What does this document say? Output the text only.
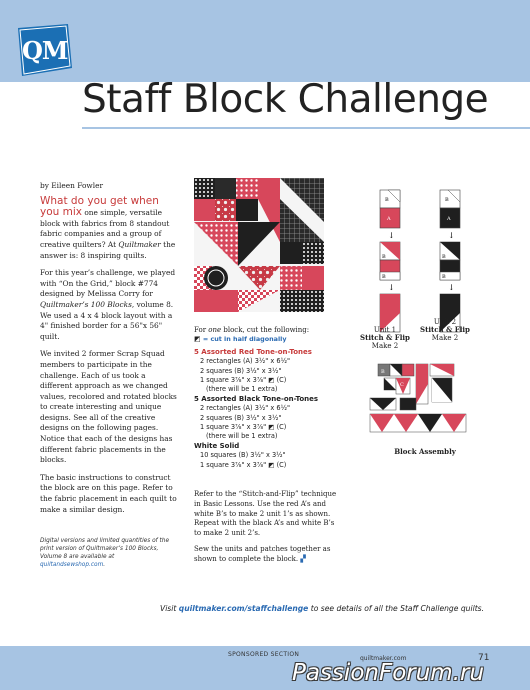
QM
Staff Block Challenge
by Eileen Fowler

What do you get when you mix one simple, versatile block with fabrics from 8 standout fabric companies and a group of creative quilters? At Quiltmaker the answer is: 8 inspiring quilts.

For this year’s challenge, we played with “On the Grid,” block #774 designed by Melissa Corry for Quiltmaker’s 100 Blocks, volume 8. We used a 4 x 4 block layout with a 4" finished border for a 56"x 56" quilt.

We invited 2 former Scrap Squad members to participate in the challenge. Each of us took a different approach as we changed values, recolored and rotated blocks to create interesting and unique designs. See all of the creative designs on the following pages. Notice that each of the designs has different fabric placements in the blocks.

The basic instructions to construct the block are on this page. Refer to the fabric placement in each quilt to make a similar design.

Digital versions and limited quantities of the print version of Quiltmaker’s 100 Blocks, Volume 8 are available at quiltandsewshop.com.
For one block, cut the following:
◩ = cut in half diagonally
5 Assorted Red Tone-on-Tones
2 rectangles (A) 3½" x 6½"
2 squares (B) 3½" x 3½"
1 square 3⅞" x 3⅞" ◩ (C)
(there will be 1 extra)
5 Assorted Black Tone-on-Tones
2 rectangles (A) 3½" x 6½"
2 squares (B) 3½" x 3½"
1 square 3⅞" x 3⅞" ◩ (C)
(there will be 1 extra)
White Solid
10 squares (B) 3½" x 3½"
1 square 3⅞" x 3⅞" ◩ (C)

Refer to the “Stitch-and-Flip” technique in Basic Lessons. Use the red A’s and white B’s to make 2 unit 1’s as shown. Repeat with the black A’s and white B’s to make 2 unit 2’s.

Sew the units and patches together as shown to complete the block. ▞

B
A
↓
B
B
↓
B
A
↓
B
B
↓
B
C
Unit 1
Stitch & Flip
Make 2
Unit 2
Stitch & Flip
Make 2
Block Assembly
Visit quiltmaker.com/staffchallenge to see details of all the Staff Challenge quilts.
SPONSORED SECTION
quiltmaker.com	71
PassionForum.ru
